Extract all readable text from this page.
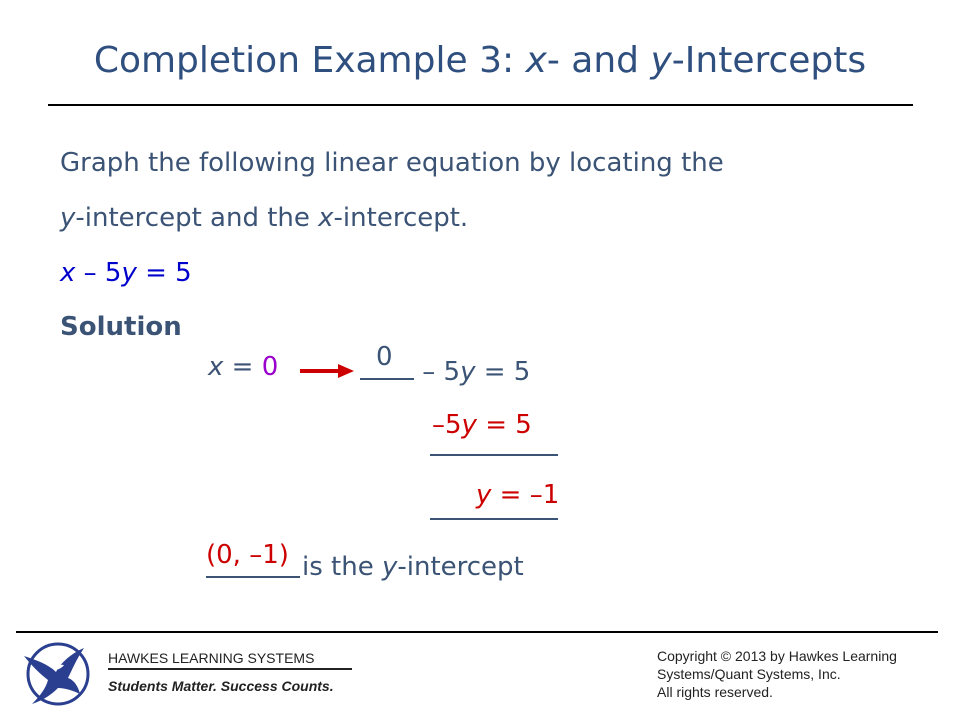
Completion Example 3: x- and y-Intercepts
Graph the following linear equation by locating the
y-intercept and the x-intercept.
x – 5y = 5
Solution
x = 0	0 – 5y = 5
–5y = 5
y = –1
(0, –1) is the y-intercept
HAWKES LEARNING SYSTEMS
Students Matter. Success Counts.
Copyright © 2013 by Hawkes Learning
Systems/Quant Systems, Inc.
All rights reserved.
